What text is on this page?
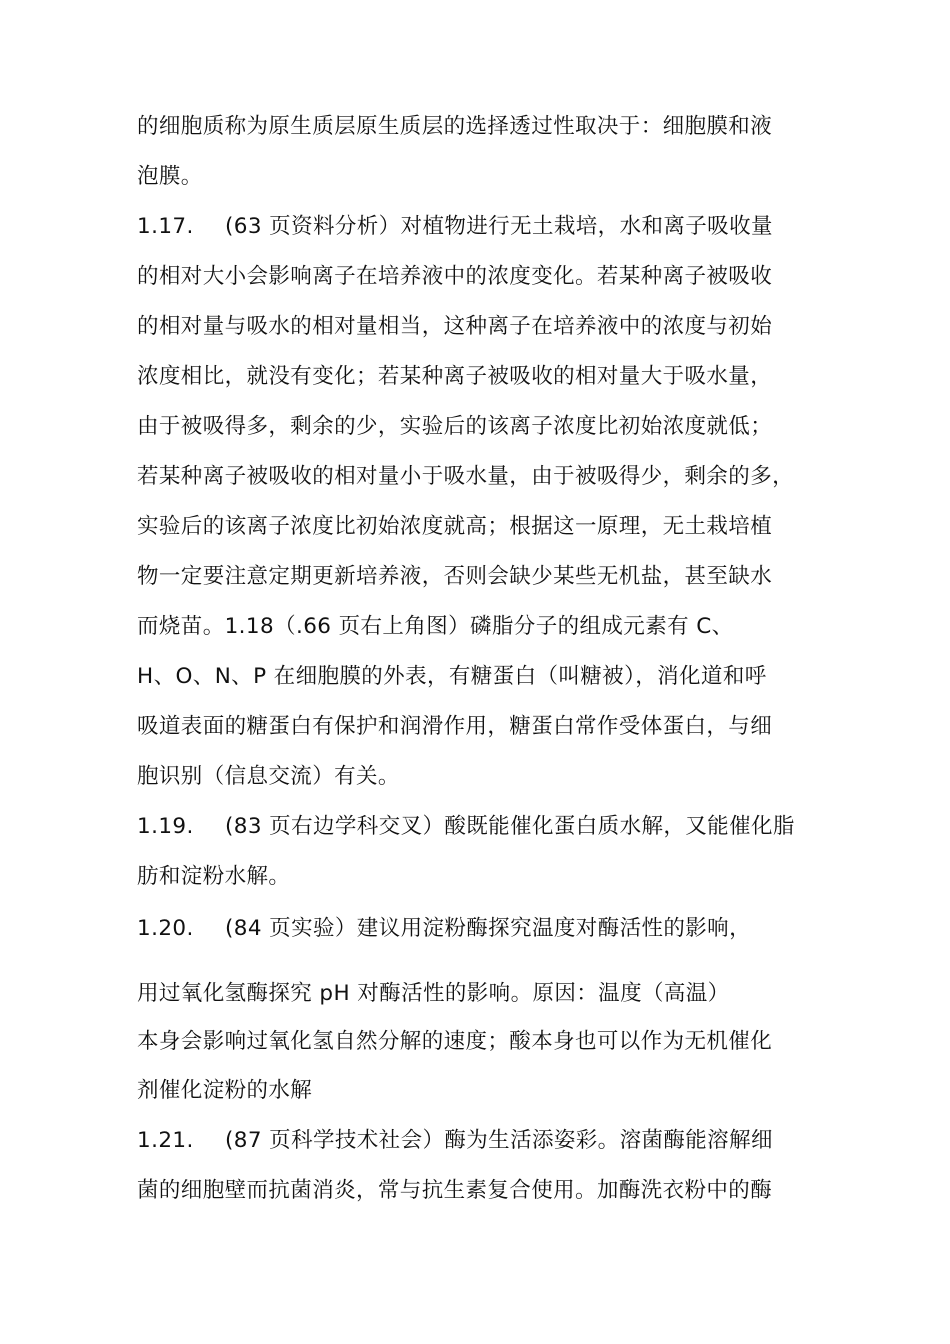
的细胞质称为原生质层原生质层的选择透过性取决于：细胞膜和液
泡膜。
1.17. (63 页资料分析）对植物进行无土栽培，水和离子吸收量
的相对大小会影响离子在培养液中的浓度变化。若某种离子被吸收
的相对量与吸水的相对量相当，这种离子在培养液中的浓度与初始
浓度相比，就没有变化；若某种离子被吸收的相对量大于吸水量，
由于被吸得多，剩余的少，实验后的该离子浓度比初始浓度就低；
若某种离子被吸收的相对量小于吸水量，由于被吸得少，剩余的多，
实验后的该离子浓度比初始浓度就高；根据这一原理，无土栽培植
物一定要注意定期更新培养液，否则会缺少某些无机盐，甚至缺水
而烧苗。1.18（.66 页右上角图）磷脂分子的组成元素有 C、
H、O、N、P 在细胞膜的外表，有糖蛋白（叫糖被），消化道和呼
吸道表面的糖蛋白有保护和润滑作用，糖蛋白常作受体蛋白，与细
胞识别（信息交流）有关。
1.19. (83 页右边学科交叉）酸既能催化蛋白质水解，又能催化脂
肪和淀粉水解。
1.20. (84 页实验）建议用淀粉酶探究温度对酶活性的影响，
用过氧化氢酶探究 pH 对酶活性的影响。原因：温度（高温）
本身会影响过氧化氢自然分解的速度；酸本身也可以作为无机催化
剂催化淀粉的水解
1.21. (87 页科学技术社会）酶为生活添姿彩。溶菌酶能溶解细
菌的细胞壁而抗菌消炎，常与抗生素复合使用。加酶洗衣粉中的酶
